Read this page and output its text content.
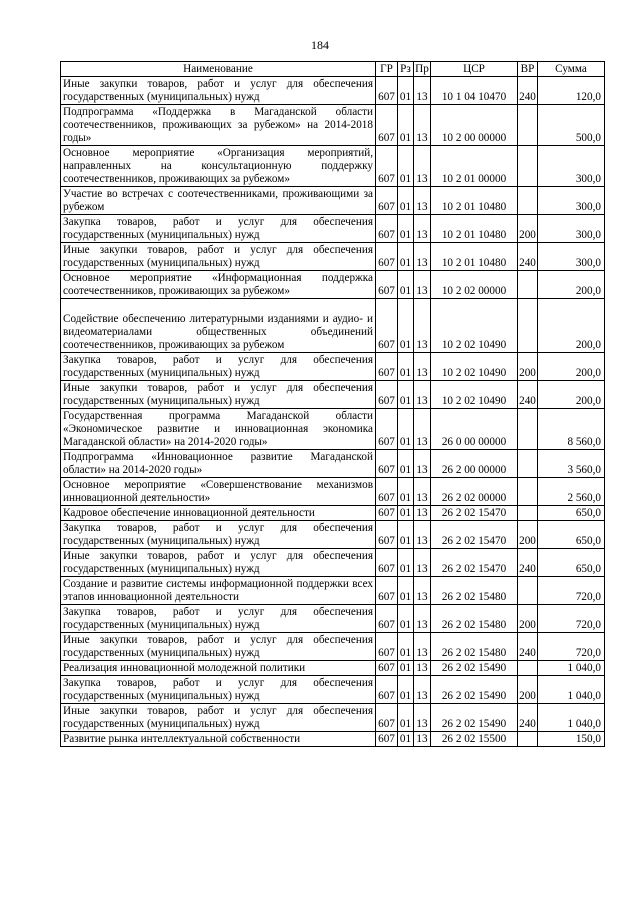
184
Наименование	ГР	Рз	Пр	ЦСР	ВР	Сумма
Иные закупки товаров, работ и услуг для обеспечения государственных (муниципальных) нужд	607	01	13	10 1 04 10470	240	120,0
Подпрограмма «Поддержка в Магаданской области соотечественников, проживающих за рубежом» на 2014-2018 годы»	607	01	13	10 2 00 00000		500,0
Основное мероприятие «Организация мероприятий, направленных на консультационную поддержку соотечественников, проживающих за рубежом»	607	01	13	10 2 01 00000		300,0
Участие во встречах с соотечественниками, проживающими за рубежом	607	01	13	10 2 01 10480		300,0
Закупка товаров, работ и услуг для обеспечения государственных (муниципальных) нужд	607	01	13	10 2 01 10480	200	300,0
Иные закупки товаров, работ и услуг для обеспечения государственных (муниципальных) нужд	607	01	13	10 2 01 10480	240	300,0
Основное мероприятие «Информационная поддержка соотечественников, проживающих за рубежом»	607	01	13	10 2 02 00000		200,0
Содействие обеспечению литературными изданиями и аудио- и видеоматериалами общественных объединений соотечественников, проживающих за рубежом	607	01	13	10 2 02 10490		200,0
Закупка товаров, работ и услуг для обеспечения государственных (муниципальных) нужд	607	01	13	10 2 02 10490	200	200,0
Иные закупки товаров, работ и услуг для обеспечения государственных (муниципальных) нужд	607	01	13	10 2 02 10490	240	200,0
Государственная программа Магаданской области «Экономическое развитие и инновационная экономика Магаданской области» на 2014-2020 годы»	607	01	13	26 0 00 00000		8 560,0
Подпрограмма «Инновационное развитие Магаданской области» на 2014-2020 годы»	607	01	13	26 2 00 00000		3 560,0
Основное мероприятие «Совершенствование механизмов инновационной деятельности»	607	01	13	26 2 02 00000		2 560,0
Кадровое обеспечение инновационной деятельности	607	01	13	26 2 02 15470		650,0
Закупка товаров, работ и услуг для обеспечения государственных (муниципальных) нужд	607	01	13	26 2 02 15470	200	650,0
Иные закупки товаров, работ и услуг для обеспечения государственных (муниципальных) нужд	607	01	13	26 2 02 15470	240	650,0
Создание и развитие системы информационной поддержки всех этапов инновационной деятельности	607	01	13	26 2 02 15480		720,0
Закупка товаров, работ и услуг для обеспечения государственных (муниципальных) нужд	607	01	13	26 2 02 15480	200	720,0
Иные закупки товаров, работ и услуг для обеспечения государственных (муниципальных) нужд	607	01	13	26 2 02 15480	240	720,0
Реализация инновационной молодежной политики	607	01	13	26 2 02 15490		1 040,0
Закупка товаров, работ и услуг для обеспечения государственных (муниципальных) нужд	607	01	13	26 2 02 15490	200	1 040,0
Иные закупки товаров, работ и услуг для обеспечения государственных (муниципальных) нужд	607	01	13	26 2 02 15490	240	1 040,0
Развитие рынка интеллектуальной собственности	607	01	13	26 2 02 15500		150,0
